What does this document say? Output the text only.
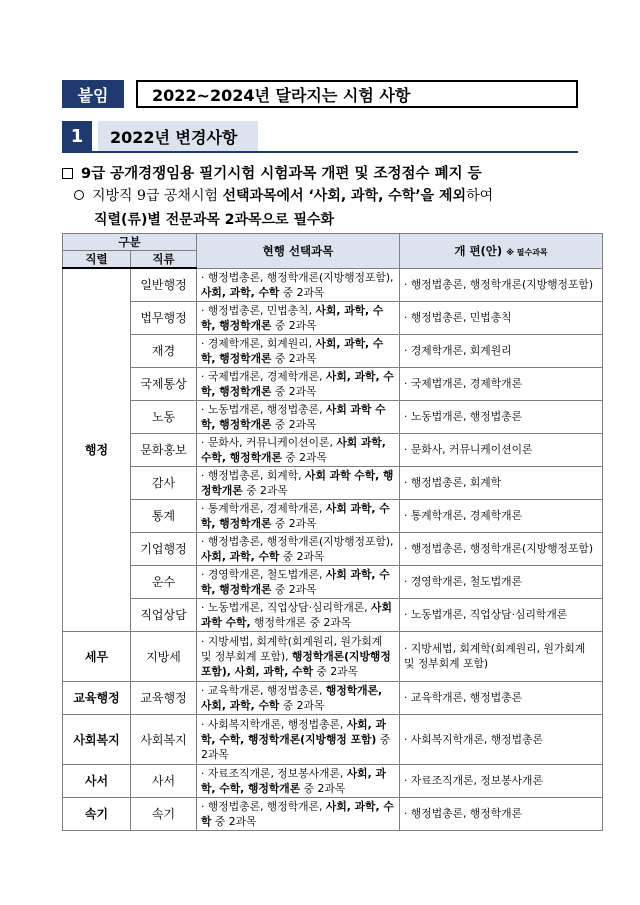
붙임	2022~2024년 달라지는 시험 사항
1	2022년 변경사항
9급 공개경쟁임용 필기시험 시험과목 개편 및 조정점수 폐지 등
지방직 9급 공채시험 선택과목에서 ‘사회, 과학, 수학’을 제외하여
직렬(류)별 전문과목 2과목으로 필수화
구분		현행 선택과목	개 편(안) ※ 필수과목
직렬	직류		
행정	일반행정	· 행정법총론, 행정학개론(지방행정포함), 사회, 과학, 수학 중 2과목	· 행정법총론, 행정학개론(지방행정포함)
	법무행정	· 행정법총론, 민법총칙, 사회, 과학, 수학, 행정학개론 중 2과목	· 행정법총론, 민법총칙
	재경	· 경제학개론, 회계원리, 사회, 과학, 수학, 행정학개론 중 2과목	· 경제학개론, 회계원리
	국제통상	· 국제법개론, 경제학개론, 사회, 과학, 수학, 행정학개론 중 2과목	· 국제법개론, 경제학개론
	노동	· 노동법개론, 행정법총론, 사회 과학 수학, 행정학개론 중 2과목	· 노동법개론, 행정법총론
	문화홍보	· 문화사, 커뮤니케이션이론, 사회 과학, 수학, 행정학개론 중 2과목	· 문화사, 커뮤니케이션이론
	감사	· 행정법총론, 회계학, 사회 과학 수학, 행정학개론 중 2과목	· 행정법총론, 회계학
	통계	· 통계학개론, 경제학개론, 사회 과학, 수학, 행정학개론 중 2과목	· 통계학개론, 경제학개론
	기업행정	· 행정법총론, 행정학개론(지방행정포함), 사회, 과학, 수학 중 2과목	· 행정법총론, 행정학개론(지방행정포함)
	운수	· 경영학개론, 철도법개론, 사회 과학, 수학, 행정학개론 중 2과목	· 경영학개론, 철도법개론
	직업상담	· 노동법개론, 직업상담·심리학개론, 사회 과학 수학, 행정학개론 중 2과목	· 노동법개론, 직업상담·심리학개론
세무	지방세	· 지방세법, 회계학(회계원리, 원가회계 및 정부회계 포함), 행정학개론(지방행정포함), 사회, 과학, 수학 중 2과목	· 지방세법, 회계학(회계원리, 원가회계 및 정부회계 포함)
교육행정	교육행정	· 교육학개론, 행정법총론, 행정학개론, 사회, 과학, 수학 중 2과목	· 교육학개론, 행정법총론
사회복지	사회복지	· 사회복지학개론, 행정법총론, 사회, 과학, 수학, 행정학개론(지방행정 포함) 중 2과목	· 사회복지학개론, 행정법총론
사서	사서	· 자료조직개론, 정보봉사개론, 사회, 과학, 수학, 행정학개론 중 2과목	· 자료조직개론, 정보봉사개론
속기	속기	· 행정법총론, 행정학개론, 사회, 과학, 수학 중 2과목	· 행정법총론, 행정학개론
